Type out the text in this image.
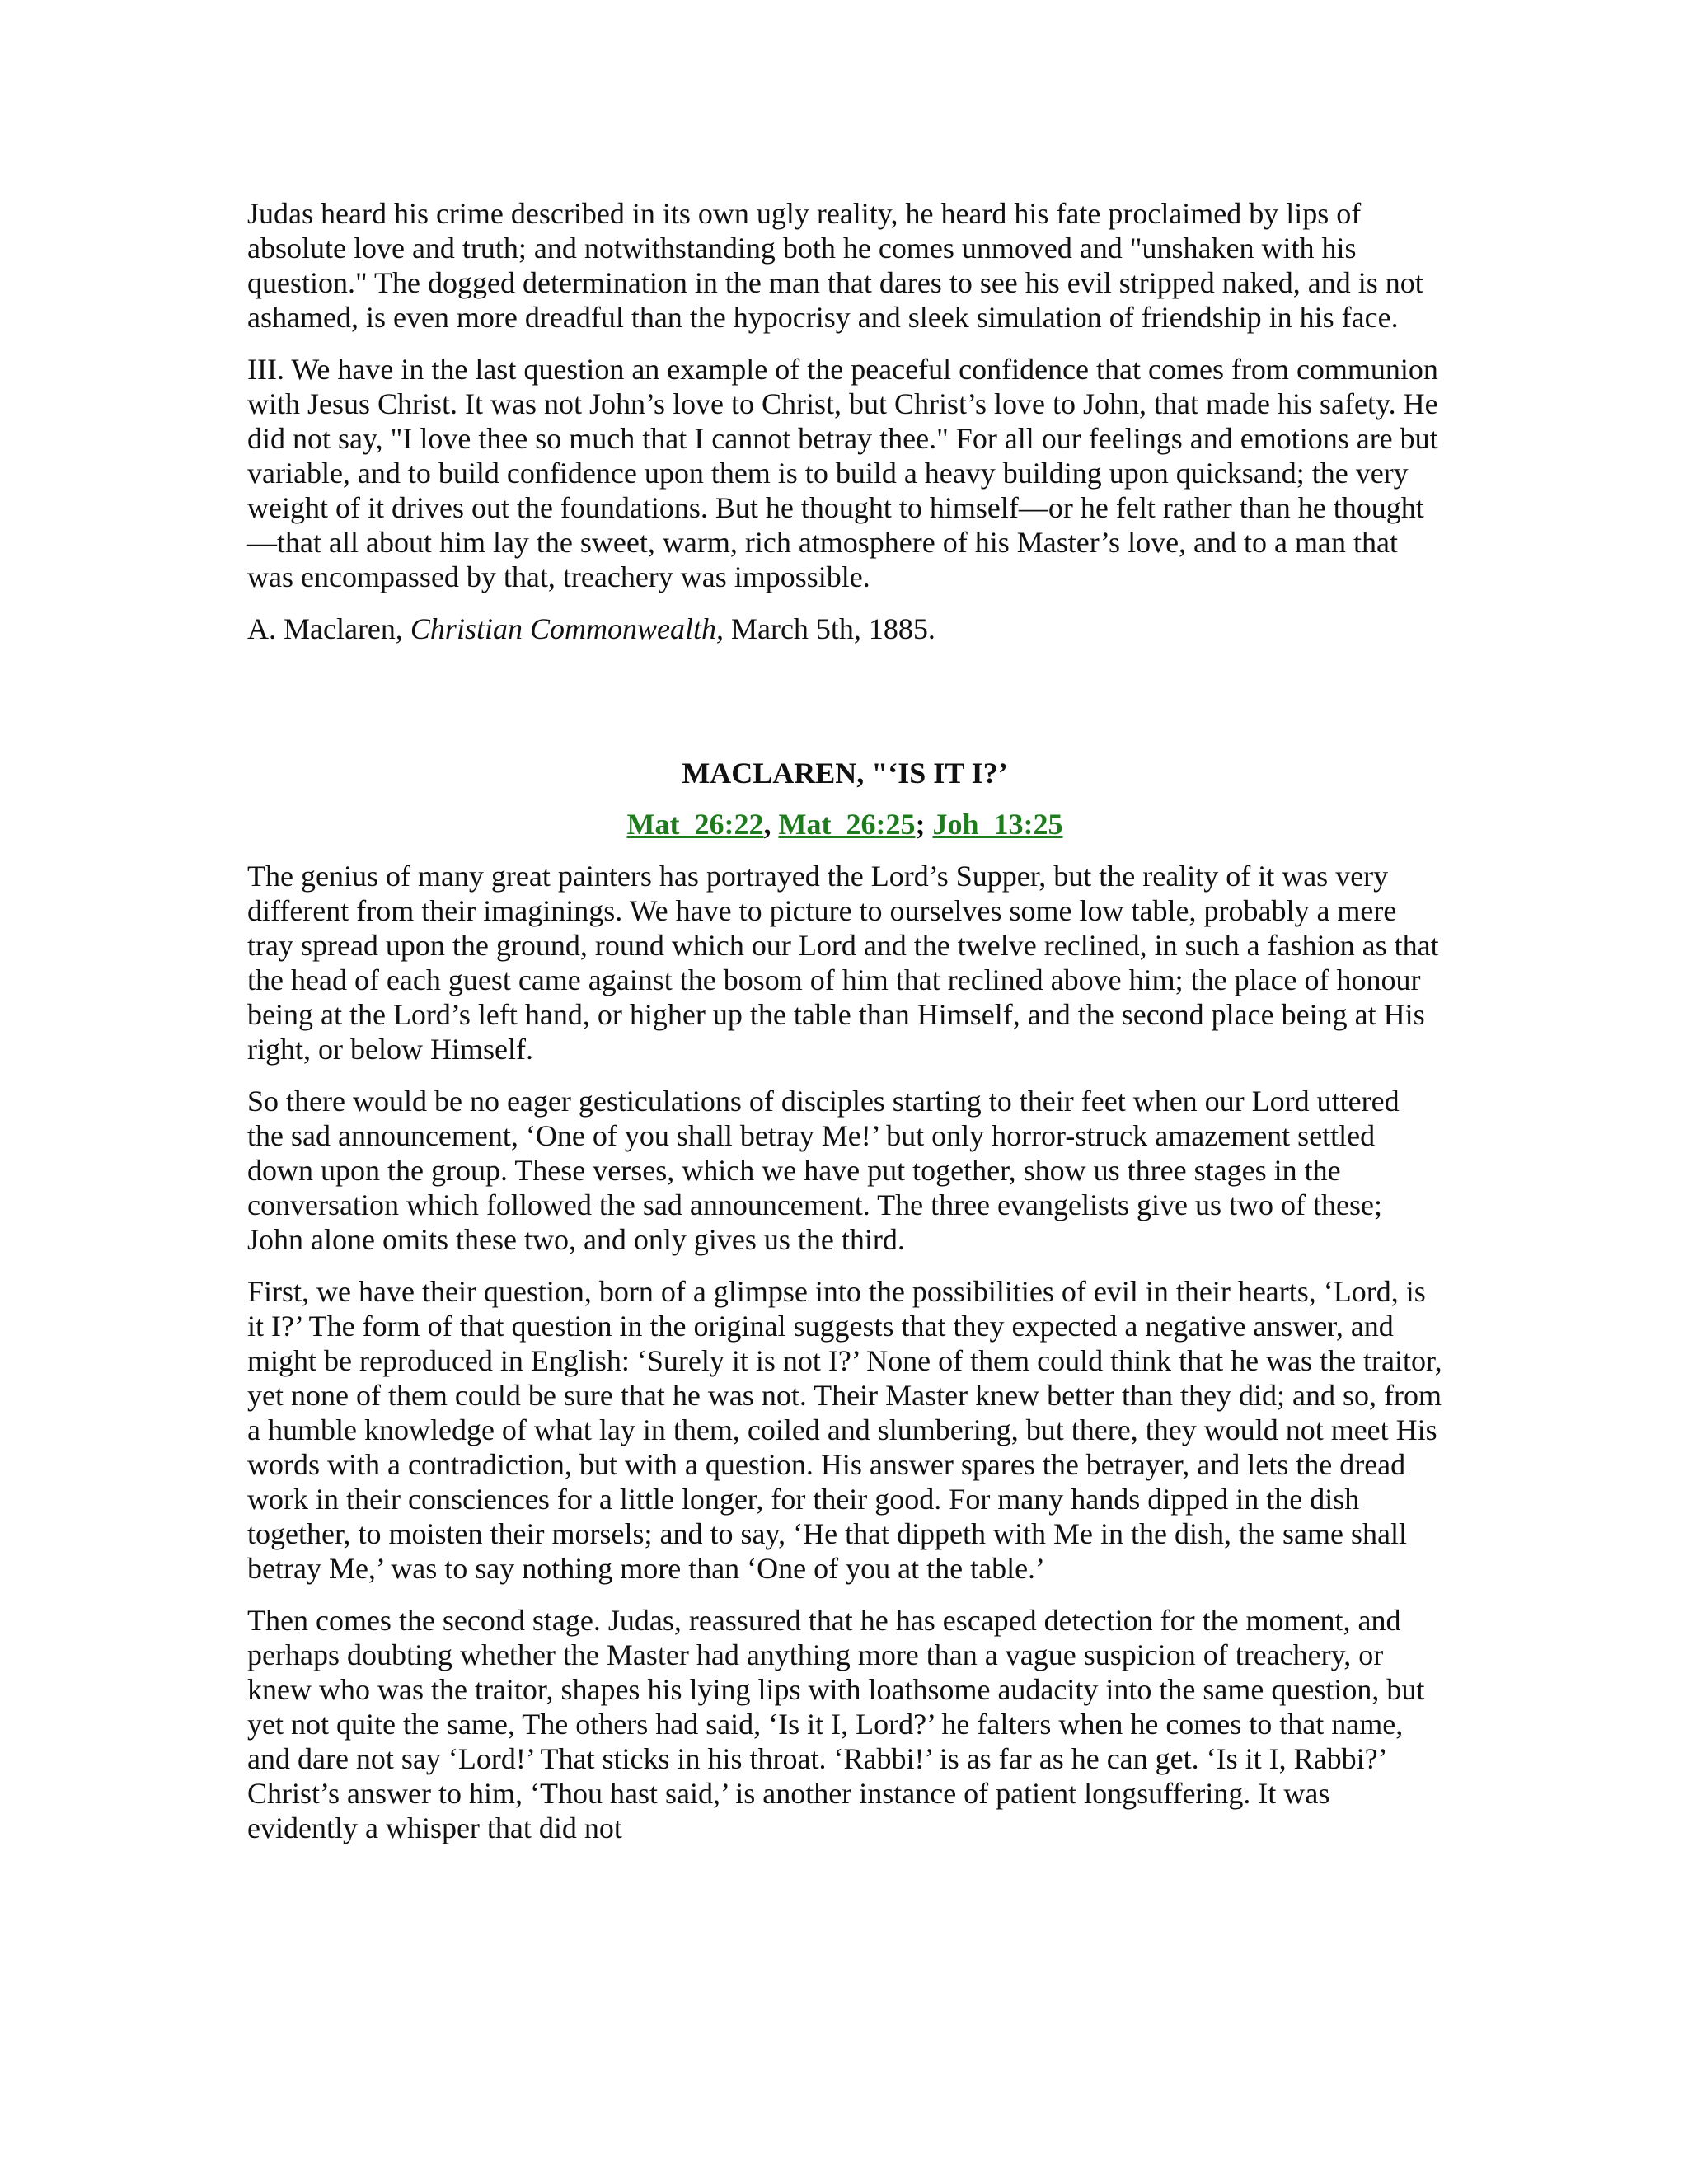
Judas heard his crime described in its own ugly reality, he heard his fate proclaimed by lips of absolute love and truth; and notwithstanding both he comes unmoved and "unshaken with his question." The dogged determination in the man that dares to see his evil stripped naked, and is not ashamed, is even more dreadful than the hypocrisy and sleek simulation of friendship in his face.

III. We have in the last question an example of the peaceful confidence that comes from communion with Jesus Christ. It was not John’s love to Christ, but Christ’s love to John, that made his safety. He did not say, "I love thee so much that I cannot betray thee." For all our feelings and emotions are but variable, and to build confidence upon them is to build a heavy building upon quicksand; the very weight of it drives out the foundations. But he thought to himself—or he felt rather than he thought—that all about him lay the sweet, warm, rich atmosphere of his Master’s love, and to a man that was encompassed by that, treachery was impossible.

A. Maclaren, Christian Commonwealth, March 5th, 1885.

MACLAREN, "‘IS IT I?’
Mat_26:22, Mat_26:25; Joh_13:25

The genius of many great painters has portrayed the Lord’s Supper, but the reality of it was very different from their imaginings. We have to picture to ourselves some low table, probably a mere tray spread upon the ground, round which our Lord and the twelve reclined, in such a fashion as that the head of each guest came against the bosom of him that reclined above him; the place of honour being at the Lord’s left hand, or higher up the table than Himself, and the second place being at His right, or below Himself.

So there would be no eager gesticulations of disciples starting to their feet when our Lord uttered the sad announcement, ‘One of you shall betray Me!’ but only horror-struck amazement settled down upon the group. These verses, which we have put together, show us three stages in the conversation which followed the sad announcement. The three evangelists give us two of these; John alone omits these two, and only gives us the third.

First, we have their question, born of a glimpse into the possibilities of evil in their hearts, ‘Lord, is it I?’ The form of that question in the original suggests that they expected a negative answer, and might be reproduced in English: ‘Surely it is not I?’ None of them could think that he was the traitor, yet none of them could be sure that he was not. Their Master knew better than they did; and so, from a humble knowledge of what lay in them, coiled and slumbering, but there, they would not meet His words with a contradiction, but with a question. His answer spares the betrayer, and lets the dread work in their consciences for a little longer, for their good. For many hands dipped in the dish together, to moisten their morsels; and to say, ‘He that dippeth with Me in the dish, the same shall betray Me,’ was to say nothing more than ‘One of you at the table.’

Then comes the second stage. Judas, reassured that he has escaped detection for the moment, and perhaps doubting whether the Master had anything more than a vague suspicion of treachery, or knew who was the traitor, shapes his lying lips with loathsome audacity into the same question, but yet not quite the same, The others had said, ‘Is it I, Lord?’ he falters when he comes to that name, and dare not say ‘Lord!’ That sticks in his throat. ‘Rabbi!’ is as far as he can get. ‘Is it I, Rabbi?’ Christ’s answer to him, ‘Thou hast said,’ is another instance of patient longsuffering. It was evidently a whisper that did not
